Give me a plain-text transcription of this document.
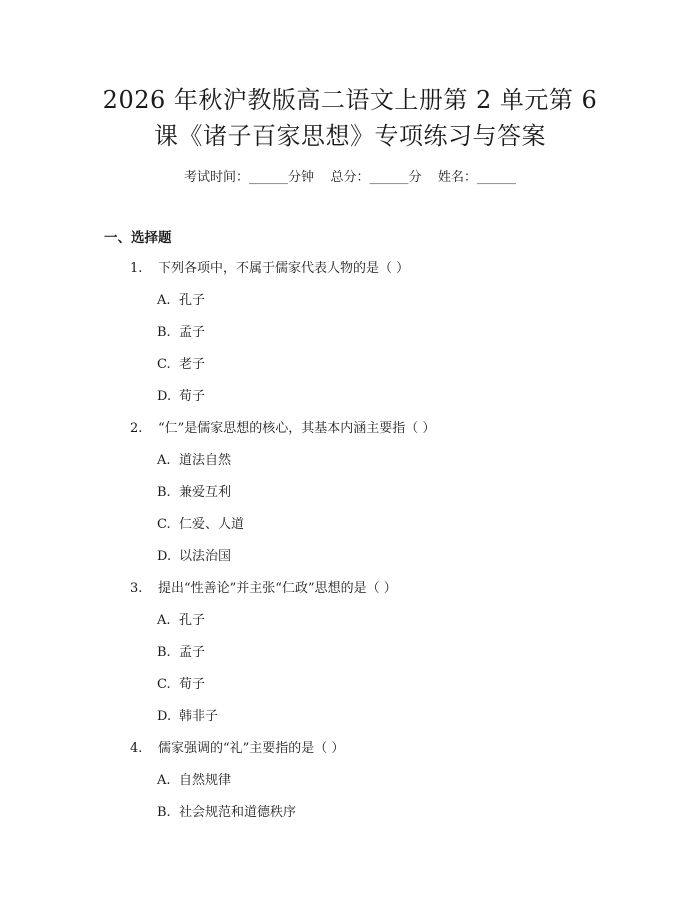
2026 年秋沪教版高二语文上册第 2 单元第 6
课《诸子百家思想》专项练习与答案
考试时间：______分钟    总分：______分    姓名：______
一、选择题
1. 下列各项中，不属于儒家代表人物的是（ ）
A. 孔子
B. 孟子
C. 老子
D. 荀子
2. “仁”是儒家思想的核心，其基本内涵主要指（ ）
A. 道法自然
B. 兼爱互利
C. 仁爱、人道
D. 以法治国
3. 提出“性善论”并主张“仁政”思想的是（ ）
A. 孔子
B. 孟子
C. 荀子
D. 韩非子
4. 儒家强调的“礼”主要指的是（ ）
A. 自然规律
B. 社会规范和道德秩序
